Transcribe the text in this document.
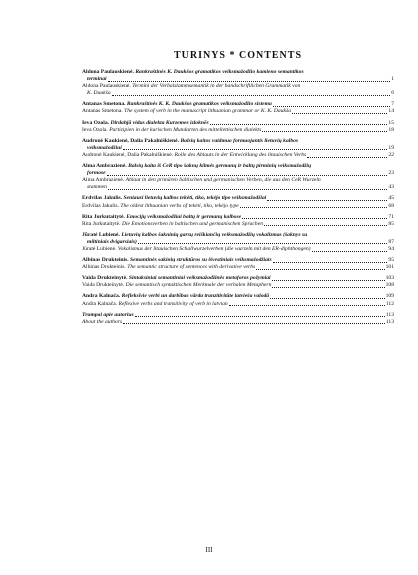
TURINYS * CONTENTS
Aldona Paulauskienė. Rankraštinės K. Daukšos gramatikos veiksmažodžio kamieno semantikos
terminai	1
Aldona Paulauskienė. Termini der Verbalstammsemantik in der handschriftlichen Grammatik von
K. Daukša	6
Antanas Smetona. Rankraštinės K. K. Daukšos gramatikos veiksmažodžio sistema	7
Antanas Smetona. The system of verb in the manuscript lithuanian grammar or K. K. Daukša	14
Ieva Ozola. Dirdahjā vidus dialekta Kurzemes izloknēs	15
Ieva Ozola. Partizipien in der kurischen Mundarten des mittellettischen dialekts	18
Audronė Kaukienė, Dalia Pakalniškienė. Balsių kaitos vaidmuo formuojantis lietuvių kalbos
veiksmažodžiui	19
Audronė Kaukienė, Dalia Pakalniškienė. Rolle des Ablauts in der Entwicklung des litauischen Verbs	22
Alma Ambrazienė. Balsių kaita iš CeR tipo šaknų kilmės germanų ir baltų pirminių veiksmažodžių
formose	23
Alma Ambrazienė. Ablaut in den primären baltischen und germanischen Verben, die aus den CeR Wurzeln
stammen	43
Erdvilas Jakulis. Seniausi lietuvių kalbos tekėti, tiko, tekėjo tipo veiksmažodžiai	45
Erdvilas Jakulis. The oldest lithuanian verbs of tekėti, tiko, tekėjo type	68
Rita Jurkutaitytė. Emocijų veiksmažodžiai baltų ir germanų kalbose	71
Rita Jurkutaitytė. Die Emotionsverben in baltischen und germanischen Sprachen	85
Jūratė Lubienė. Lietuvių kalbos šakninių garsų reiškiančių veiksmažodžių vokalizmas (šaknys su
miltiniais dvigarsiais)	87
Jūratė Lubienė. Vokalismus der litauischen Schallwurzelverben (die wurzeln mit den ER-diphthongen)	94
Albinas Drukteinis. Semantinės sakinių struktūros su išvestiniais veiksmažodžiais	95
Albinas Drukteinis. The semantic structure of sentences with derivative verbs	101
Vaida Drukteinytė. Sintaksiniai semantiniai veiksmažodžinės metaforos požymiai	103
Vaida Drukteinytė. Die semantisch syntaktischen Merkmale der verbalen Metaphern	108
Andra Kalnača. Refleksīvie verbi un darbības vārda tranzitivitāte latviešu valodā	109
Andra Kalnača. Reflexive verbs and transitivity of verb in latvian	112
Trumpai apie autorius	113
About the authors	113
III
